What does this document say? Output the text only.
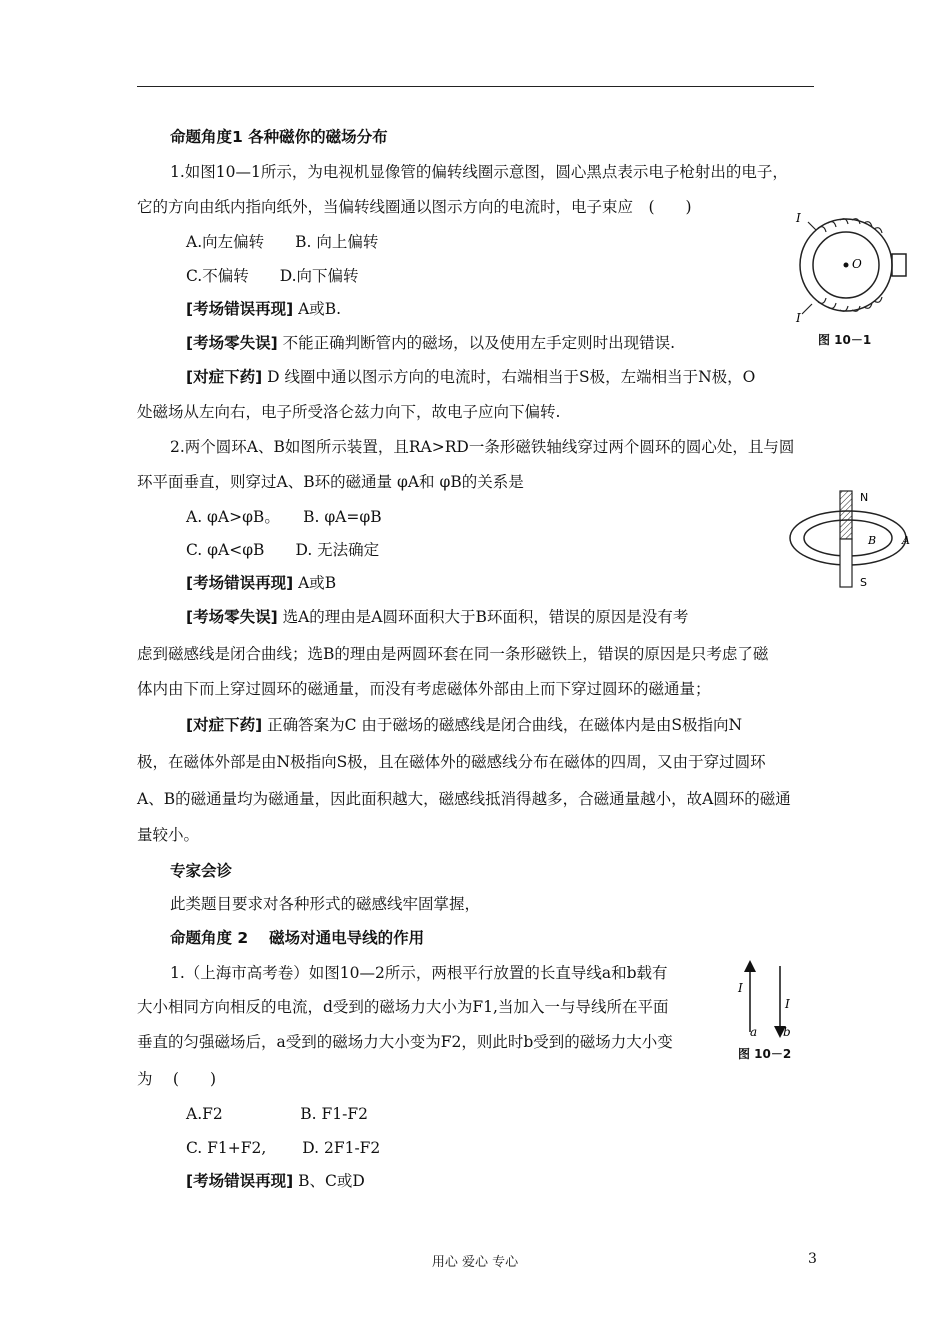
命题角度1 各种磁你的磁场分布
1.如图10—1所示，为电视机显像管的偏转线圈示意图，圆心黑点表示电子枪射出的电子，
它的方向由纸内指向纸外，当偏转线圈通以图示方向的电流时，电子束应　(　　)
A.向左偏转　　B. 向上偏转
C.不偏转　　D.向下偏转
[考场错误再现] A或B.
[考场零失误] 不能正确判断管内的磁场，以及使用左手定则时出现错误.
[对症下药] D 线圈中通以图示方向的电流时，右端相当于S极，左端相当于N极，O
处磁场从左向右，电子所受洛仑兹力向下，故电子应向下偏转.
I
O
I
图 10－1
2.两个圆环A、B如图所示装置，且RA>RD一条形磁铁轴线穿过两个圆环的圆心处，且与圆
环平面垂直，则穿过A、B环的磁通量 φA和 φB的关系是
A. φA>φB。　　B. φA=φB
C. φA<φB　　D. 无法确定
[考场错误再现] A或B
[考场零失误] 选A的理由是A圆环面积大于B环面积，错误的原因是没有考
虑到磁感线是闭合曲线；选B的理由是两圆环套在同一条形磁铁上，错误的原因是只考虑了磁
体内由下而上穿过圆环的磁通量，而没有考虑磁体外部由上而下穿过圆环的磁通量；
[对症下药] 正确答案为C 由于磁场的磁感线是闭合曲线，在磁体内是由S极指向N
极，在磁体外部是由N极指向S极，且在磁体外的磁感线分布在磁体的四周，又由于穿过圆环
A、B的磁通量均为磁通量，因此面积越大，磁感线抵消得越多，合磁通量越小，故A圆环的磁通
量较小。
N
B A
S
专家会诊
此类题目要求对各种形式的磁感线牢固掌握，
命题角度 2　 磁场对通电导线的作用
1.（上海市高考卷）如图10—2所示，两根平行放置的长直导线a和b载有
大小相同方向相反的电流，d受到的磁场力大小为F1,当加入一与导线所在平面
垂直的匀强磁场后，a受到的磁场力大小变为F2，则此时b受到的磁场力大小变
为　 (　　)
A.F2　　　　　B. F1-F2
C. F1+F2,　　 D. 2F1-F2
[考场错误再现] B、C或D
I
I
a b
图 10－2
用心 爱心 专心	3
